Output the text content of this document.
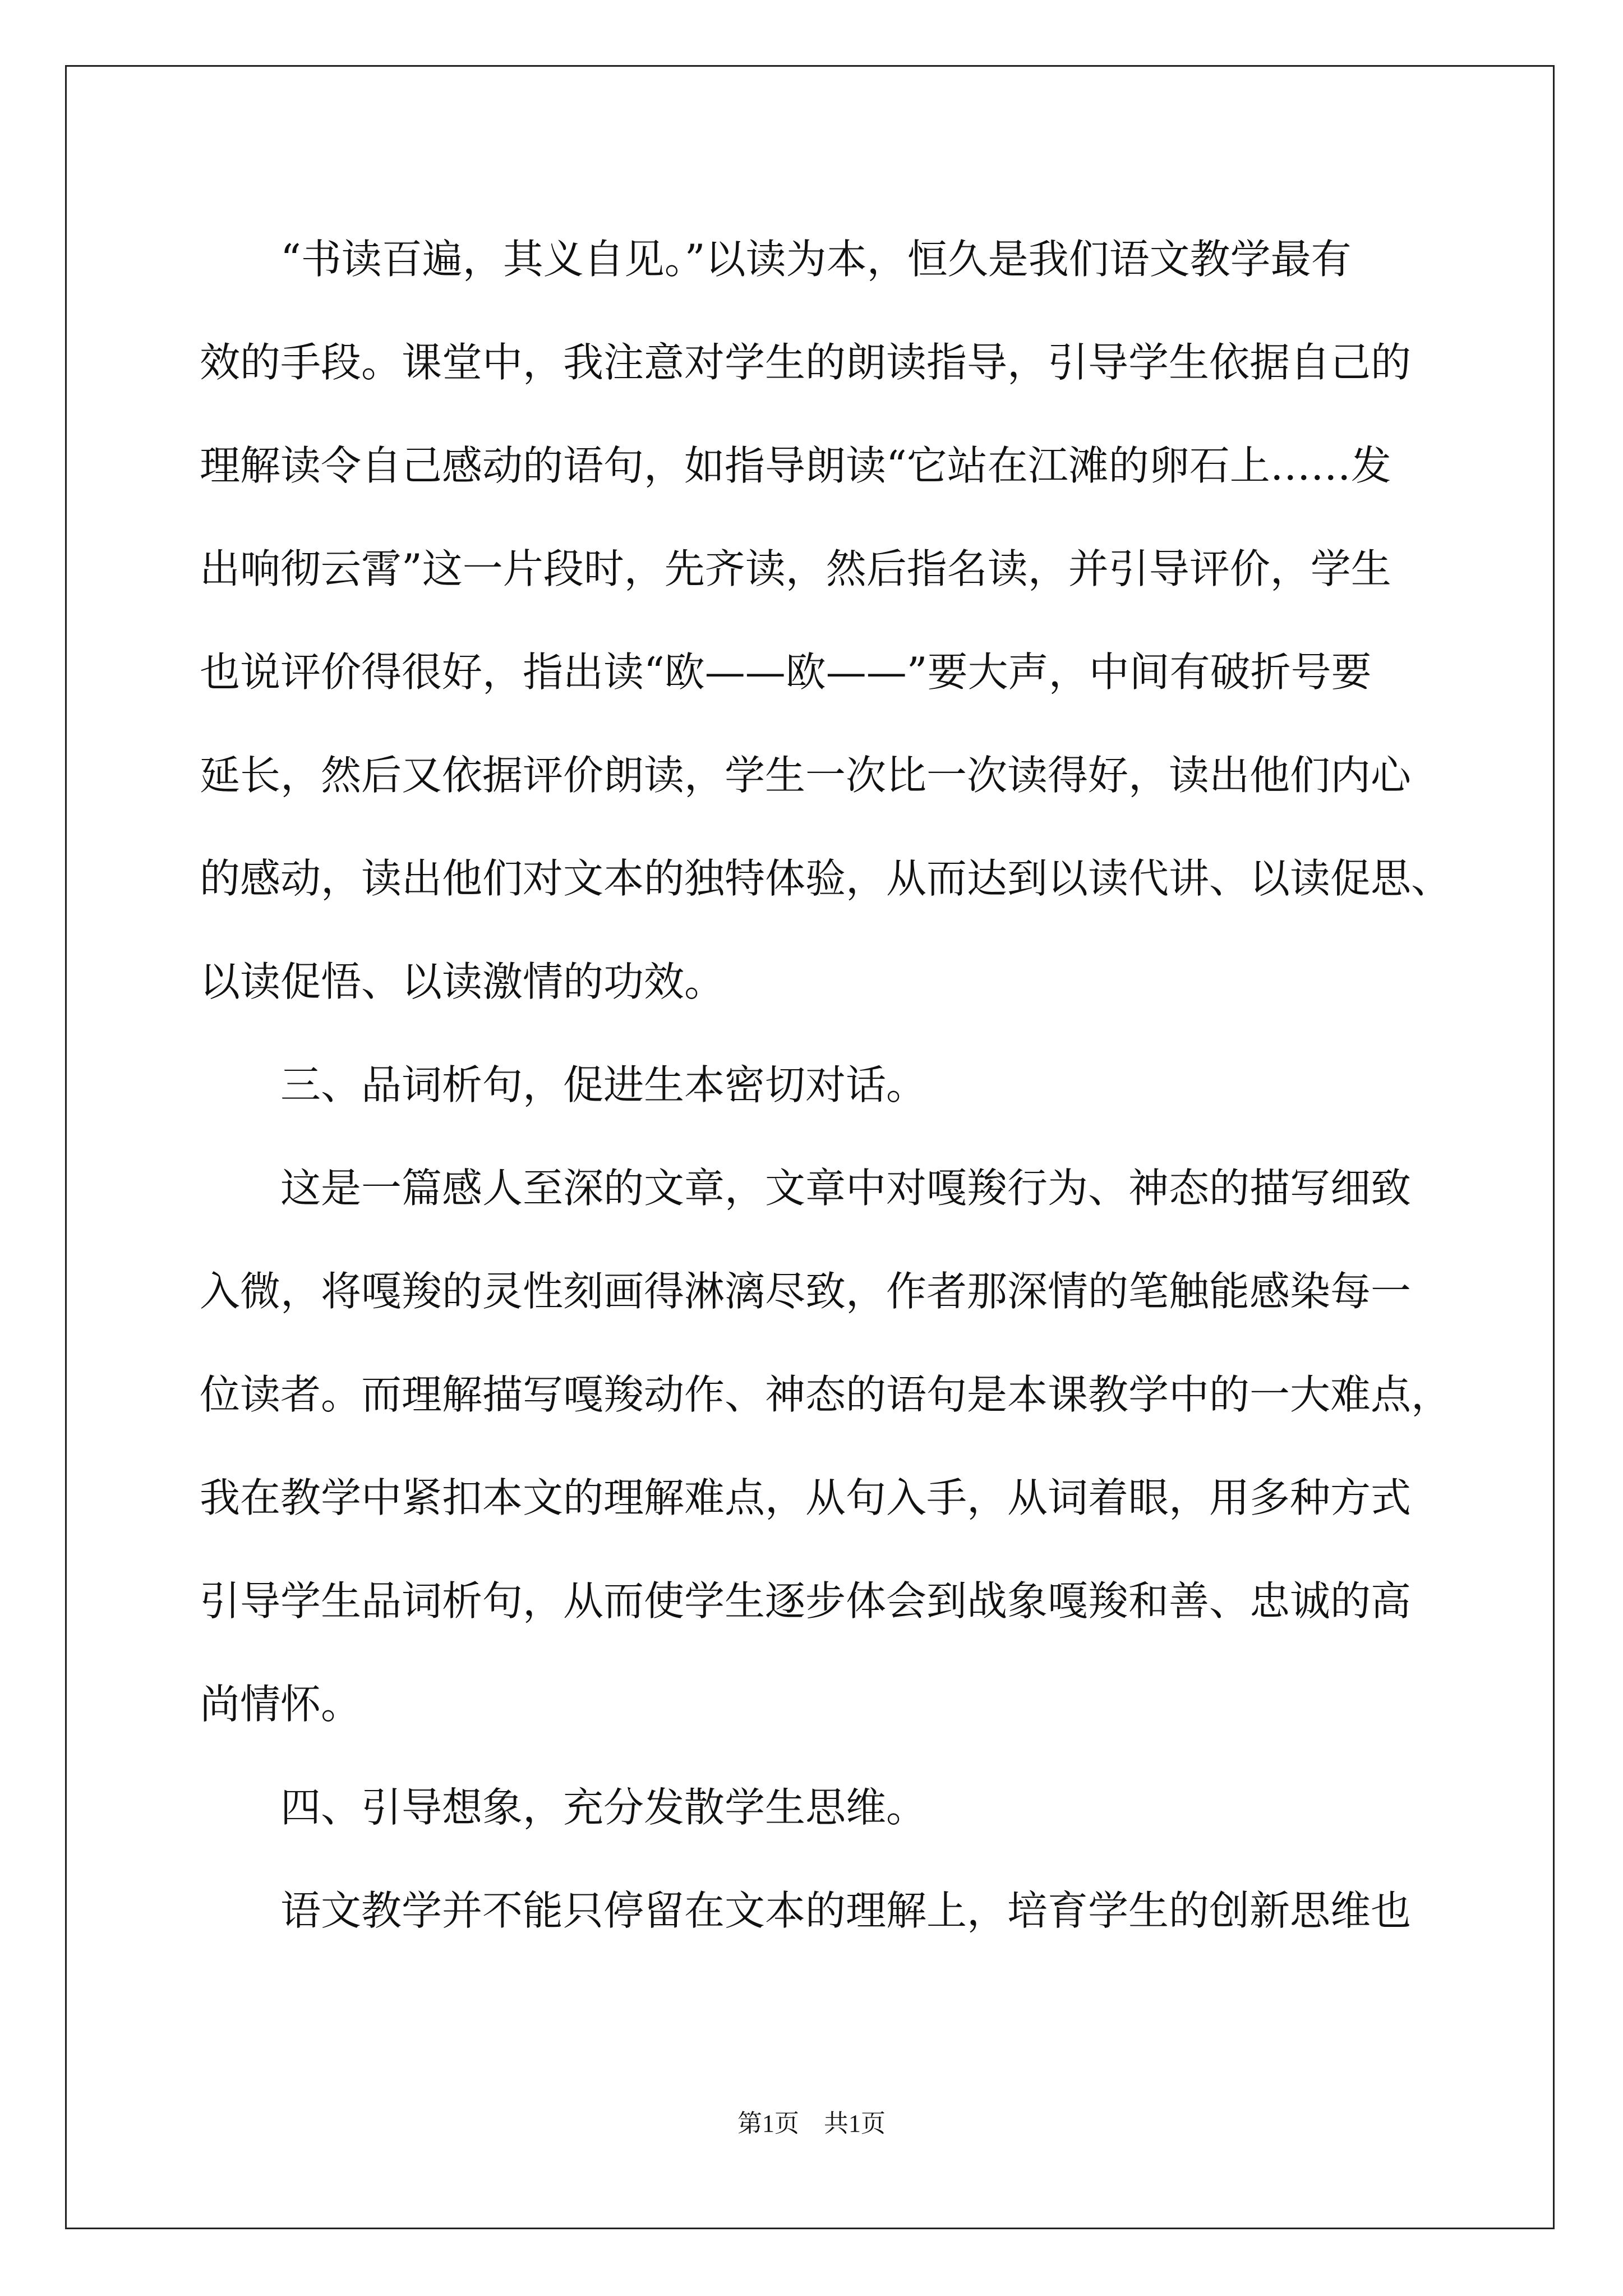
　　“书读百遍，其义自见。”以读为本，恒久是我们语文教学最有
效的手段。课堂中，我注意对学生的朗读指导，引导学生依据自己的
理解读令自己感动的语句，如指导朗读“它站在江滩的卵石上……发
出响彻云霄”这一片段时，先齐读，然后指名读，并引导评价，学生
也说评价得很好，指出读“欧——欧——”要大声，中间有破折号要
延长，然后又依据评价朗读，学生一次比一次读得好，读出他们内心
的感动，读出他们对文本的独特体验，从而达到以读代讲、以读促思、
以读促悟、以读激情的功效。
　　三、品词析句，促进生本密切对话。
　　这是一篇感人至深的文章，文章中对嘎羧行为、神态的描写细致
入微，将嘎羧的灵性刻画得淋漓尽致，作者那深情的笔触能感染每一
位读者。而理解描写嘎羧动作、神态的语句是本课教学中的一大难点，
我在教学中紧扣本文的理解难点，从句入手，从词着眼，用多种方式
引导学生品词析句，从而使学生逐步体会到战象嘎羧和善、忠诚的高
尚情怀。
　　四、引导想象，充分发散学生思维。
　　语文教学并不能只停留在文本的理解上，培育学生的创新思维也
第1页　共1页
